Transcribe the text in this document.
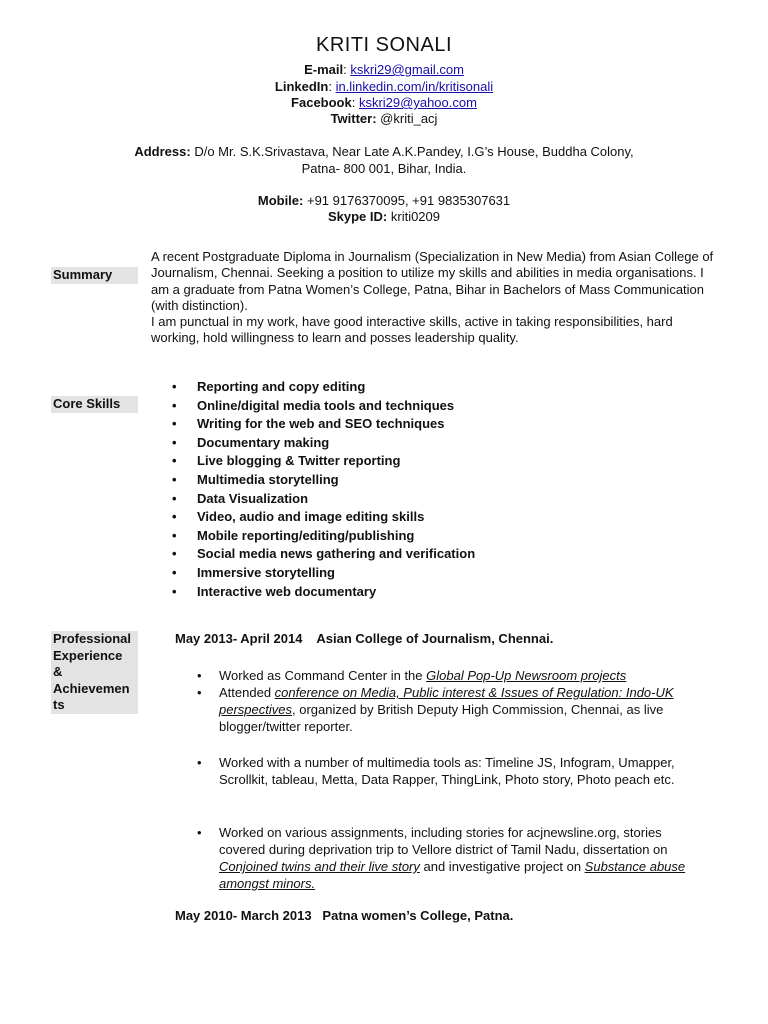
KRITI SONALI
E-mail: kskri29@gmail.com
LinkedIn: in.linkedin.com/in/kritisonali
Facebook: kskri29@yahoo.com
Twitter: @kriti_acj
Address: D/o Mr. S.K.Srivastava, Near Late A.K.Pandey, I.G’s House, Buddha Colony,
Patna- 800 001, Bihar, India.
Mobile: +91 9176370095, +91 9835307631
Skype ID: kriti0209
Summary
A recent Postgraduate Diploma in Journalism (Specialization in New Media) from Asian College of Journalism, Chennai. Seeking a position to utilize my skills and abilities in media organisations. I am a graduate from Patna Women’s College, Patna, Bihar in Bachelors of Mass Communication (with distinction).
I am punctual in my work, have good interactive skills, active in taking responsibilities, hard working, hold willingness to learn and posses leadership quality.
Core Skills
• Reporting and copy editing
• Online/digital media tools and techniques
• Writing for the web and SEO techniques
• Documentary making
• Live blogging & Twitter reporting
• Multimedia storytelling
• Data Visualization
• Video, audio and image editing skills
• Mobile reporting/editing/publishing
• Social media news gathering and verification
• Immersive storytelling
• Interactive web documentary
Professional
Experience
&
Achievemen
ts
May 2013- April 2014    Asian College of Journalism, Chennai.
• Worked as Command Center in the Global Pop-Up Newsroom projects
• Attended conference on Media, Public interest & Issues of Regulation: Indo-UK perspectives, organized by British Deputy High Commission, Chennai, as live blogger/twitter reporter.
• Worked with a number of multimedia tools as: Timeline JS, Infogram, Umapper, Scrollkit, tableau, Metta, Data Rapper, ThingLink, Photo story, Photo peach etc.
• Worked on various assignments, including stories for acjnewsline.org, stories covered during deprivation trip to Vellore district of Tamil Nadu, dissertation on Conjoined twins and their live story and investigative project on Substance abuse amongst minors.
May 2010- March 2013   Patna women’s College, Patna.
